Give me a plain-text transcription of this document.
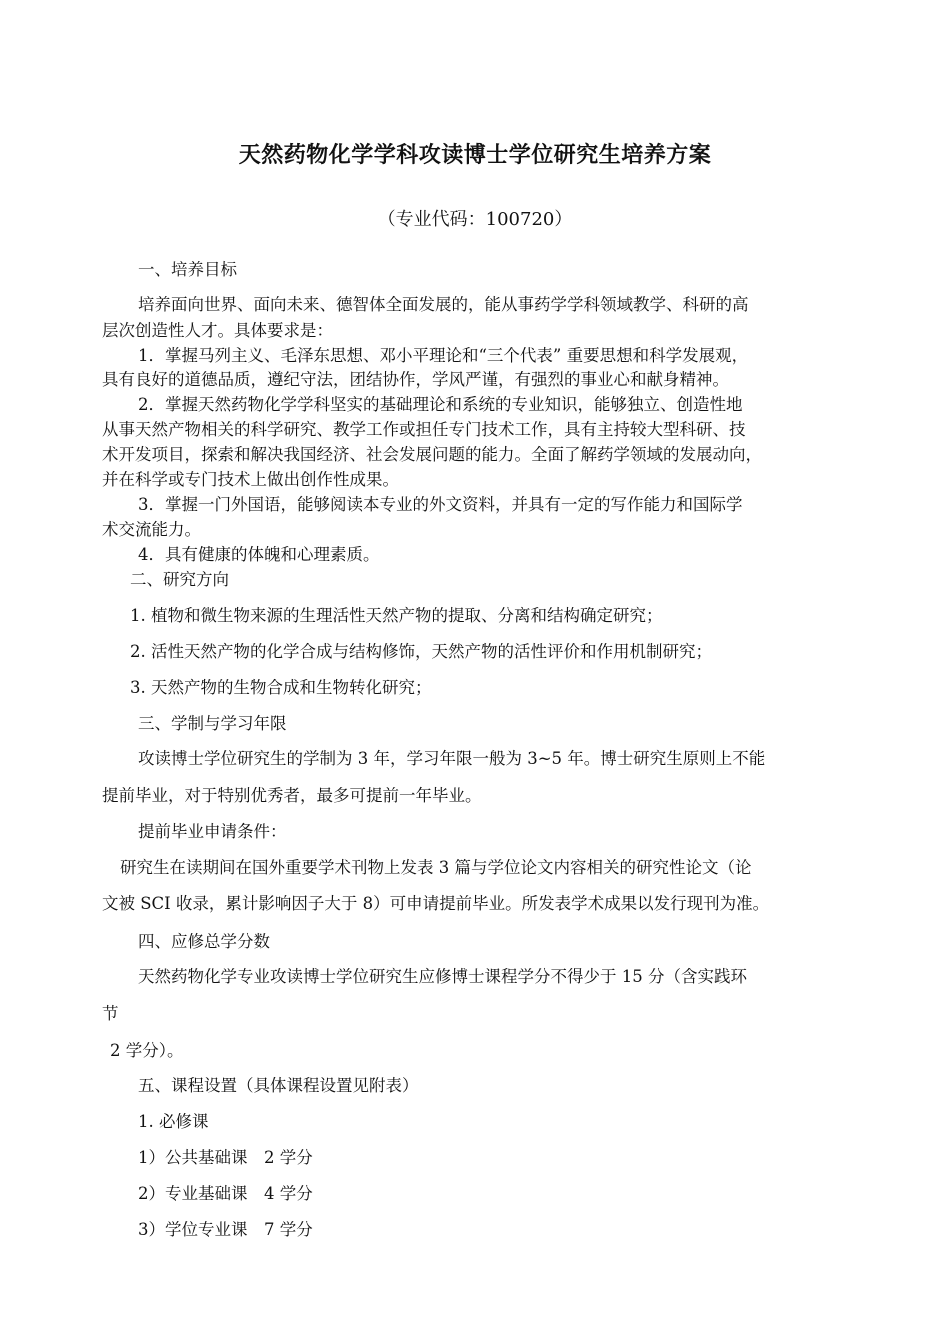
天然药物化学学科攻读博士学位研究生培养方案
（专业代码：100720）
一、培养目标
培养面向世界、面向未来、德智体全面发展的，能从事药学学科领域教学、科研的高
层次创造性人才。具体要求是：
1．掌握马列主义、毛泽东思想、邓小平理论和“三个代表” 重要思想和科学发展观，
具有良好的道德品质，遵纪守法，团结协作，学风严谨，有强烈的事业心和献身精神。
2．掌握天然药物化学学科坚实的基础理论和系统的专业知识，能够独立、创造性地
从事天然产物相关的科学研究、教学工作或担任专门技术工作，具有主持较大型科研、技
术开发项目，探索和解决我国经济、社会发展问题的能力。全面了解药学领域的发展动向，
并在科学或专门技术上做出创作性成果。
3．掌握一门外国语，能够阅读本专业的外文资料，并具有一定的写作能力和国际学
术交流能力。
4．具有健康的体魄和心理素质。
二、研究方向
1. 植物和微生物来源的生理活性天然产物的提取、分离和结构确定研究；
2. 活性天然产物的化学合成与结构修饰，天然产物的活性评价和作用机制研究；
3. 天然产物的生物合成和生物转化研究；
三、学制与学习年限
攻读博士学位研究生的学制为 3 年，学习年限一般为 3~5 年。博士研究生原则上不能
提前毕业，对于特别优秀者，最多可提前一年毕业。
提前毕业申请条件：
研究生在读期间在国外重要学术刊物上发表 3 篇与学位论文内容相关的研究性论文（论
文被 SCI 收录，累计影响因子大于 8）可申请提前毕业。所发表学术成果以发行现刊为准。
四、应修总学分数
天然药物化学专业攻读博士学位研究生应修博士课程学分不得少于 15 分（含实践环
节
2 学分）。
五、课程设置（具体课程设置见附表）
1. 必修课
1）公共基础课　2 学分
2）专业基础课　4 学分
3）学位专业课　7 学分
